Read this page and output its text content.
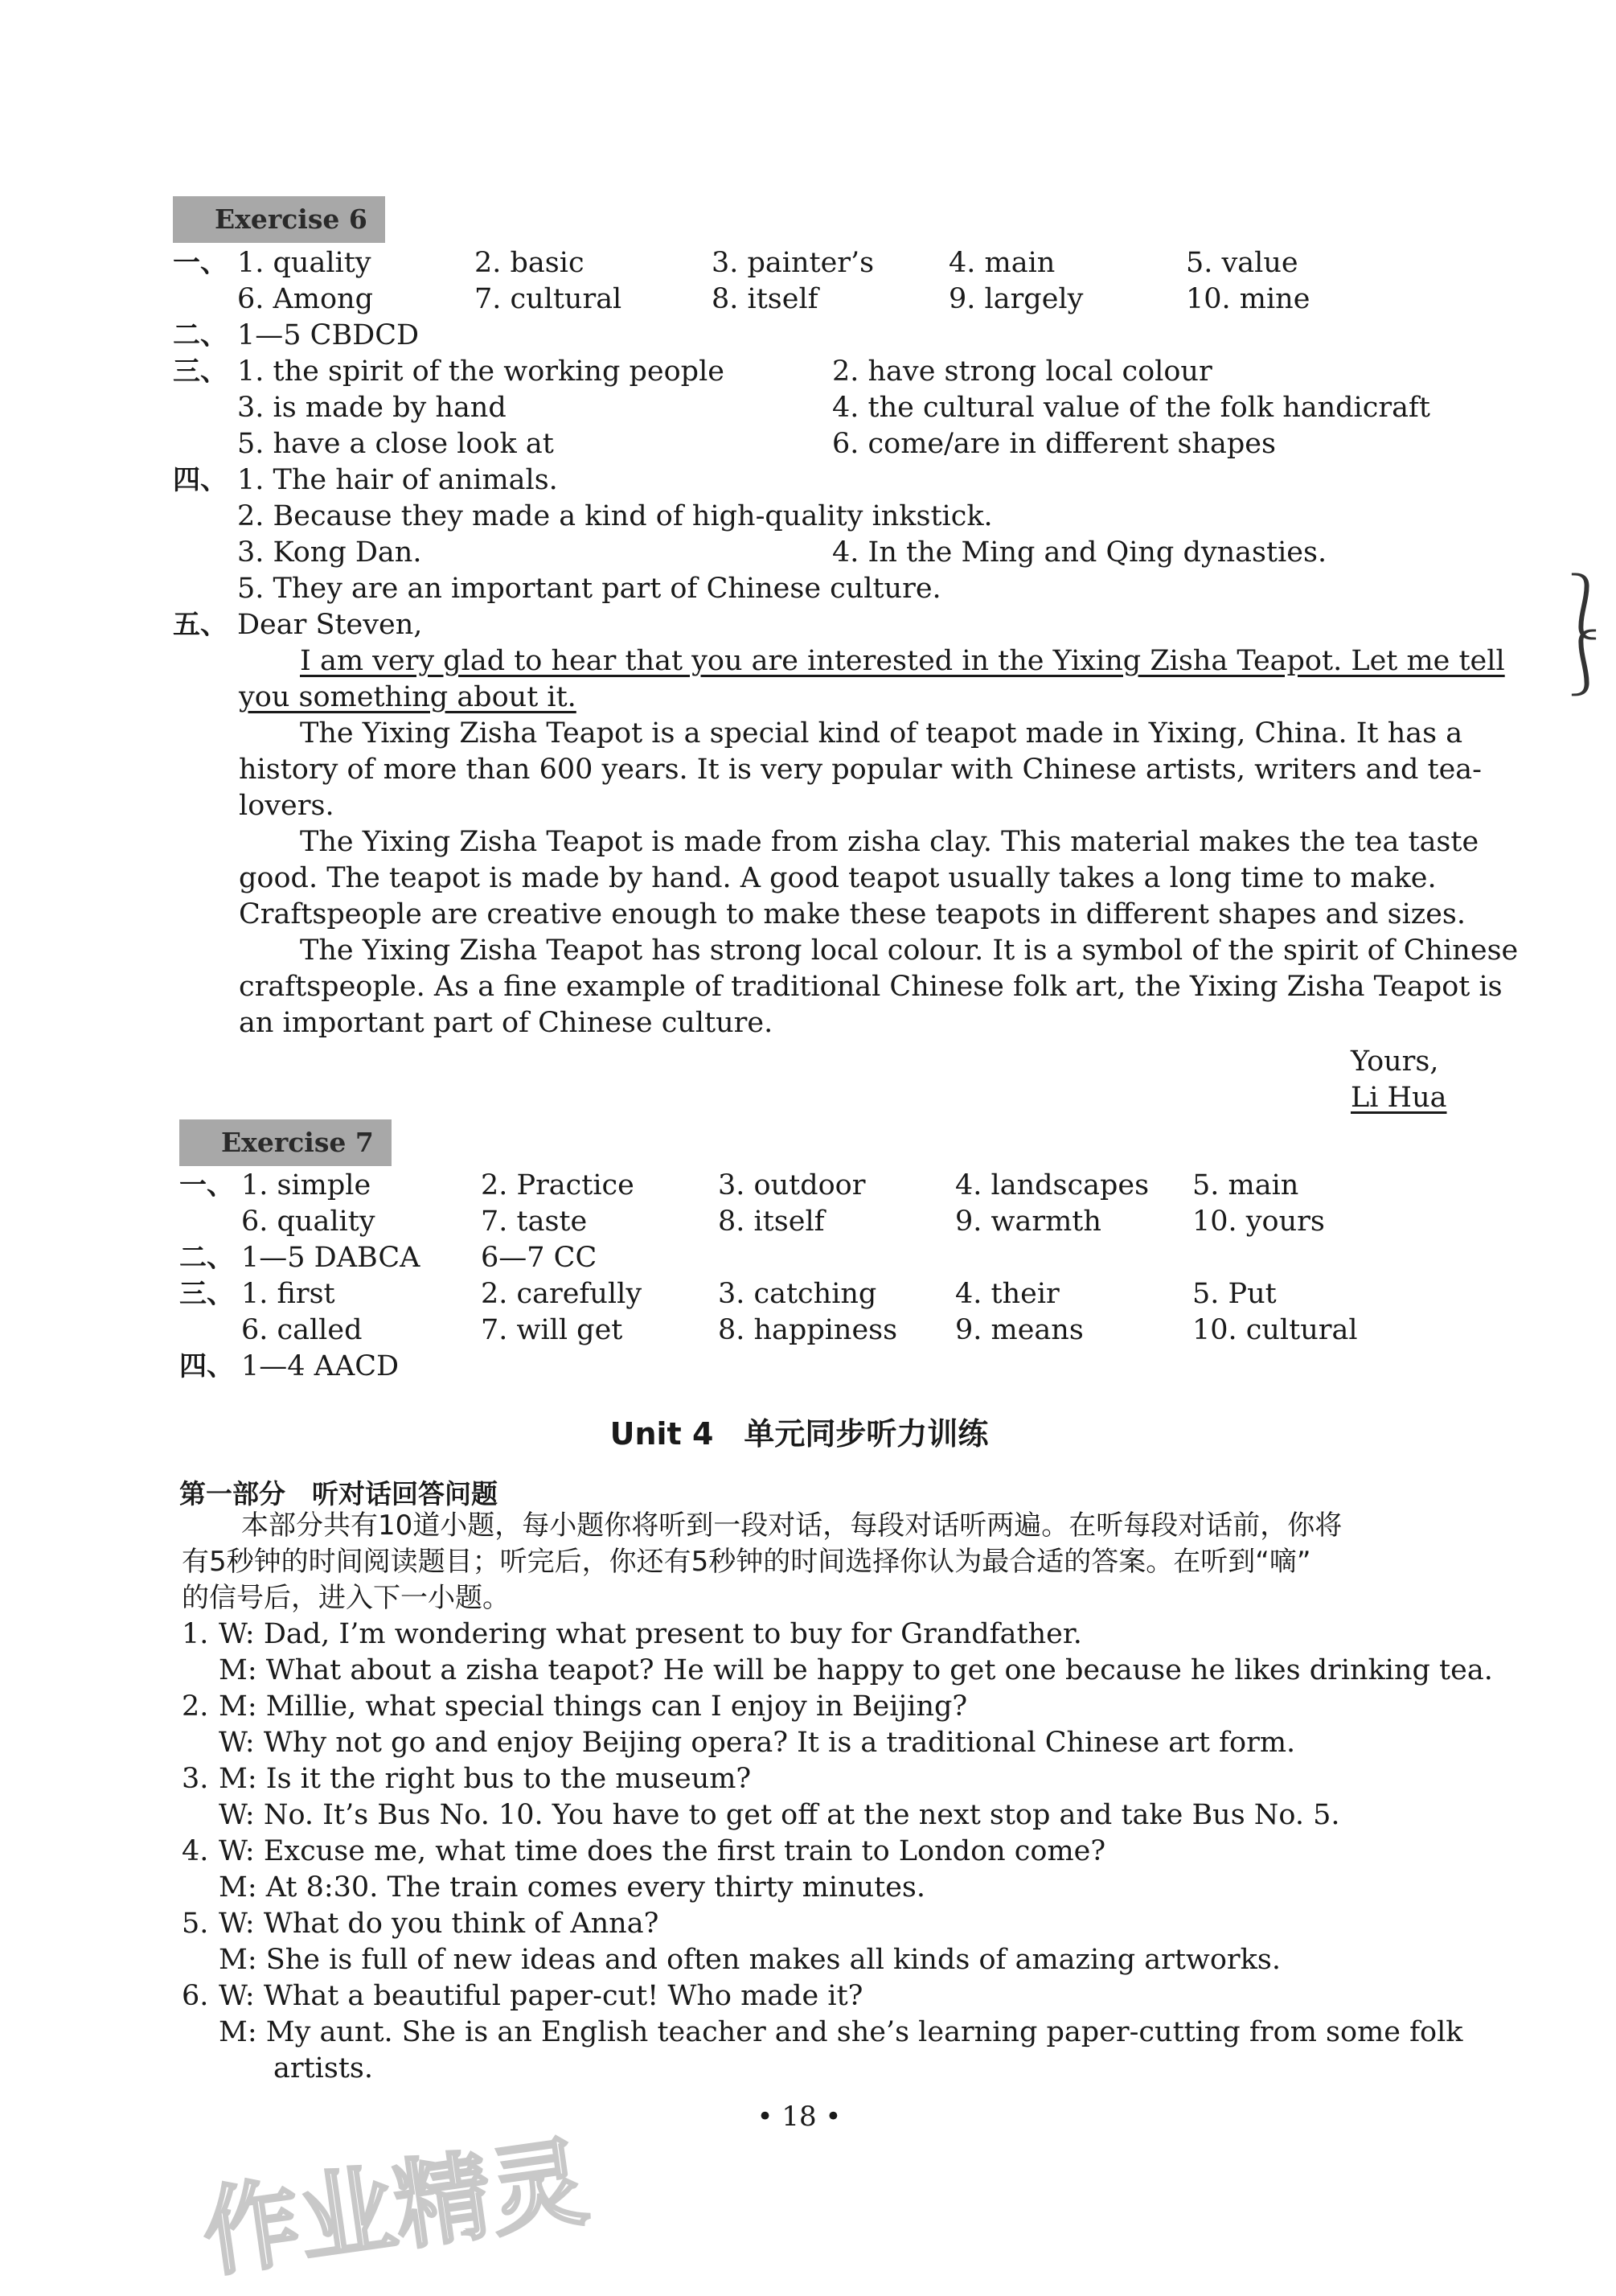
Exercise 6
一、 1. quality	2. basic	3. painter’s	4. main	5. value
6. Among	7. cultural	8. itself	9. largely	10. mine
二、 1—5 CBDCD
三、 1. the spirit of the working people	2. have strong local colour
3. is made by hand	4. the cultural value of the folk handicraft
5. have a close look at	6. come/are in different shapes
四、 1. The hair of animals.
2. Because they made a kind of high-quality inkstick.
3. Kong Dan.	4. In the Ming and Qing dynasties.
5. They are an important part of Chinese culture.
五、 Dear Steven,
I am very glad to hear that you are interested in the Yixing Zisha Teapot. Let me tell
you something about it.
The Yixing Zisha Teapot is a special kind of teapot made in Yixing, China. It has a
history of more than 600 years. It is very popular with Chinese artists, writers and tea-
lovers.
The Yixing Zisha Teapot is made from zisha clay. This material makes the tea taste
good. The teapot is made by hand. A good teapot usually takes a long time to make.
Craftspeople are creative enough to make these teapots in different shapes and sizes.
The Yixing Zisha Teapot has strong local colour. It is a symbol of the spirit of Chinese
craftspeople. As a fine example of traditional Chinese folk art, the Yixing Zisha Teapot is
an important part of Chinese culture.
Yours,
Li Hua
⎱
⎰
Exercise 7
一、 1. simple	2. Practice	3. outdoor	4. landscapes 5. main
6. quality	7. taste	8. itself	9. warmth	10. yours
二、 1—5 DABCA 6—7 CC
三、 1. first	2. carefully	3. catching	4. their	5. Put
6. called	7. will get	8. happiness 9. means	10. cultural
四、 1—4 AACD
Unit 4　单元同步听力训练
第一部分　听对话回答问题
本部分共有10道小题，每小题你将听到一段对话，每段对话听两遍。在听每段对话前，你将
有5秒钟的时间阅读题目；听完后，你还有5秒钟的时间选择你认为最合适的答案。在听到“嘀”
的信号后，进入下一小题。
1. W: Dad, I’m wondering what present to buy for Grandfather.
M: What about a zisha teapot? He will be happy to get one because he likes drinking tea.
2. M: Millie, what special things can I enjoy in Beijing?
W: Why not go and enjoy Beijing opera? It is a traditional Chinese art form.
3. M: Is it the right bus to the museum?
W: No. It’s Bus No. 10. You have to get off at the next stop and take Bus No. 5.
4. W: Excuse me, what time does the first train to London come?
M: At 8:30. The train comes every thirty minutes.
5. W: What do you think of Anna?
M: She is full of new ideas and often makes all kinds of amazing artworks.
6. W: What a beautiful paper-cut! Who made it?
M: My aunt. She is an English teacher and she’s learning paper-cutting from some folk
artists.
• 18 •
作业精灵
